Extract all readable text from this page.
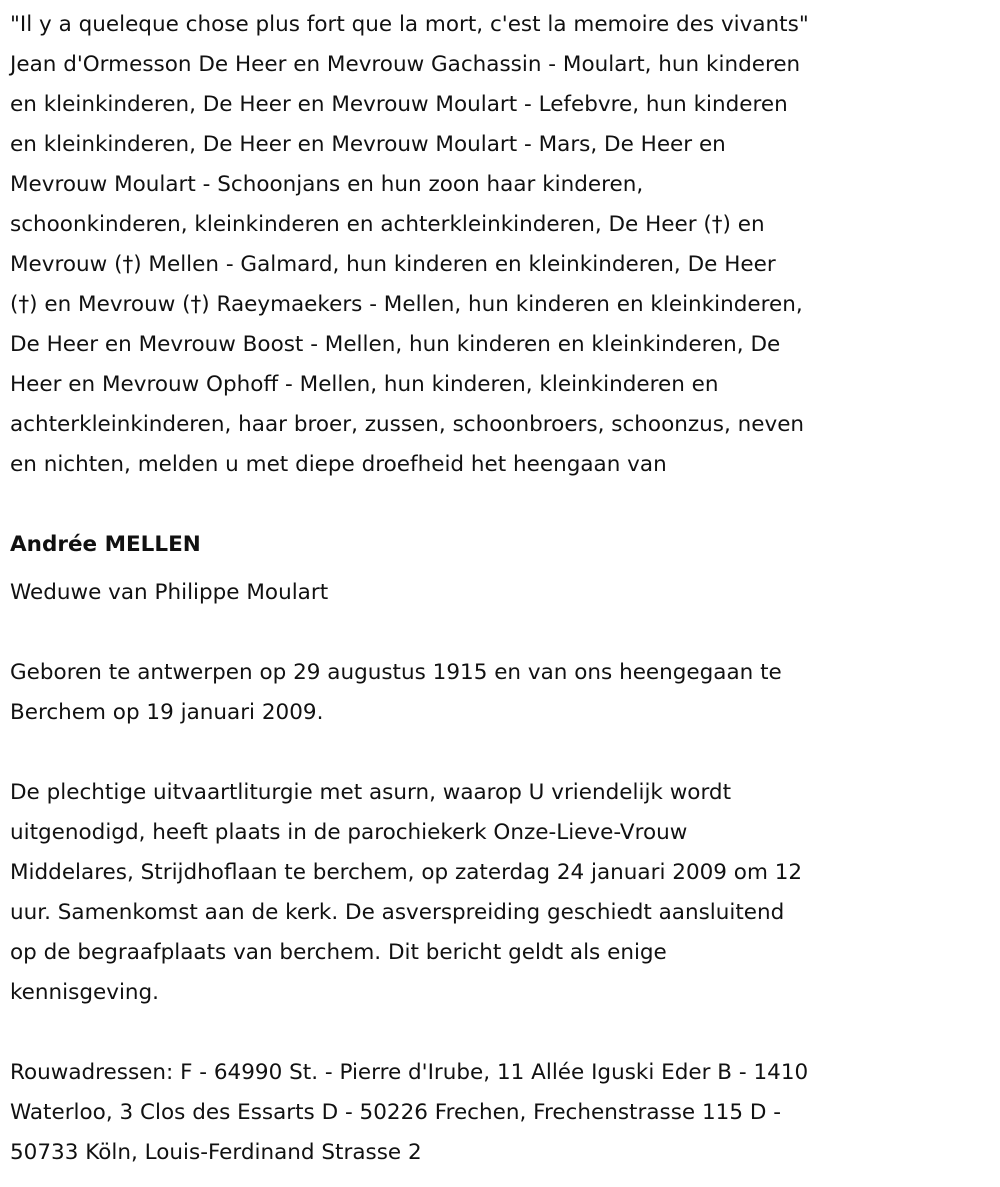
"Il y a queleque chose plus fort que la mort, c'est la memoire des vivants"
Jean d'Ormesson De Heer en Mevrouw Gachassin - Moulart, hun kinderen
en kleinkinderen, De Heer en Mevrouw Moulart - Lefebvre, hun kinderen
en kleinkinderen, De Heer en Mevrouw Moulart - Mars, De Heer en
Mevrouw Moulart - Schoonjans en hun zoon haar kinderen,
schoonkinderen, kleinkinderen en achterkleinkinderen, De Heer (†) en
Mevrouw (†) Mellen - Galmard, hun kinderen en kleinkinderen, De Heer
(†) en Mevrouw (†) Raeymaekers - Mellen, hun kinderen en kleinkinderen,
De Heer en Mevrouw Boost - Mellen, hun kinderen en kleinkinderen, De
Heer en Mevrouw Ophoff - Mellen, hun kinderen, kleinkinderen en
achterkleinkinderen, haar broer, zussen, schoonbroers, schoonzus, neven
en nichten, melden u met diepe droefheid het heengaan van
Andrée MELLEN
Weduwe van Philippe Moulart
Geboren te antwerpen op 29 augustus 1915 en van ons heengegaan te
Berchem op 19 januari 2009.
De plechtige uitvaartliturgie met asurn, waarop U vriendelijk wordt
uitgenodigd, heeft plaats in de parochiekerk Onze-Lieve-Vrouw
Middelares, Strijdhoflaan te berchem, op zaterdag 24 januari 2009 om 12
uur. Samenkomst aan de kerk. De asverspreiding geschiedt aansluitend
op de begraafplaats van berchem. Dit bericht geldt als enige
kennisgeving.
Rouwadressen: F - 64990 St. - Pierre d'Irube, 11 Allée Iguski Eder B - 1410
Waterloo, 3 Clos des Essarts D - 50226 Frechen, Frechenstrasse 115 D -
50733 Köln, Louis-Ferdinand Strasse 2
